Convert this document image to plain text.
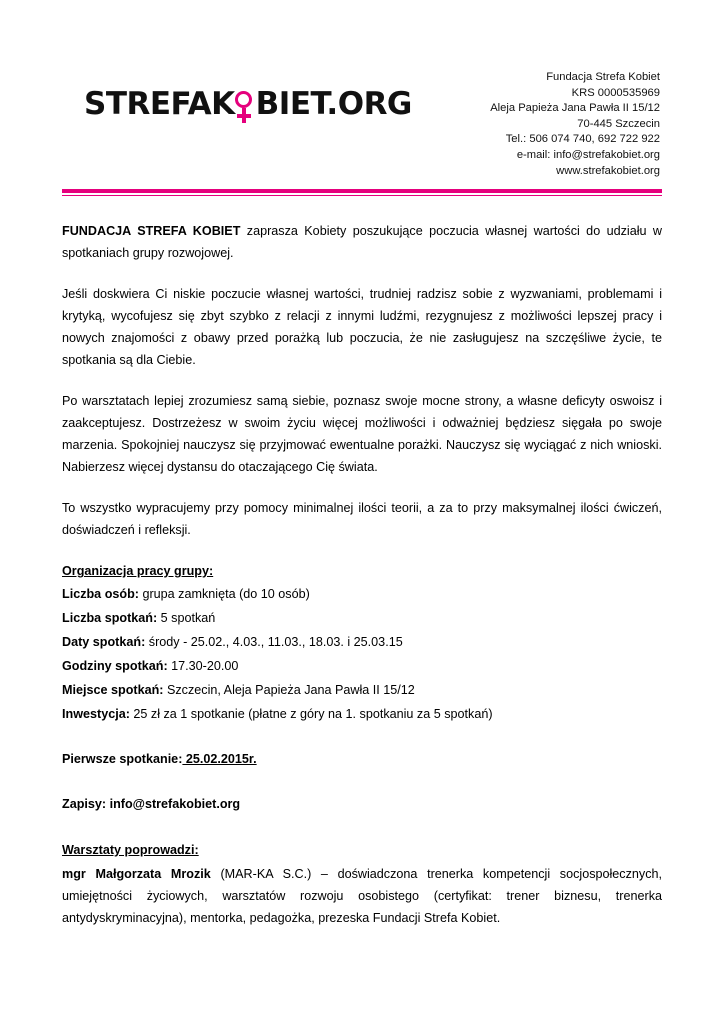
STREFAK BIET.ORG
Fundacja Strefa Kobiet
KRS 0000535969
Aleja Papieża Jana Pawła II 15/12
70-445 Szczecin
Tel.: 506 074 740, 692 722 922
e-mail: info@strefakobiet.org
www.strefakobiet.org

FUNDACJA STREFA KOBIET zaprasza Kobiety poszukujące poczucia własnej wartości do udziału w spotkaniach grupy rozwojowej.

Jeśli doskwiera Ci niskie poczucie własnej wartości, trudniej radzisz sobie z wyzwaniami, problemami i krytyką, wycofujesz się zbyt szybko z relacji z innymi ludźmi, rezygnujesz z możliwości lepszej pracy i nowych znajomości z obawy przed porażką lub poczucia, że nie zasługujesz na szczęśliwe życie, te spotkania są dla Ciebie.

Po warsztatach lepiej zrozumiesz samą siebie, poznasz swoje mocne strony, a własne deficyty oswoisz i zaakceptujesz. Dostrzeżesz w swoim życiu więcej możliwości i odważniej będziesz sięgała po swoje marzenia. Spokojniej nauczysz się przyjmować ewentualne porażki. Nauczysz się wyciągać z nich wnioski. Nabierzesz więcej dystansu do otaczającego Cię świata.

To wszystko wypracujemy przy pomocy minimalnej ilości teorii, a za to przy maksymalnej ilości ćwiczeń, doświadczeń i refleksji.

Organizacja pracy grupy:
Liczba osób: grupa zamknięta (do 10 osób)
Liczba spotkań: 5 spotkań
Daty spotkań: środy - 25.02., 4.03., 11.03., 18.03. i 25.03.15
Godziny spotkań: 17.30-20.00
Miejsce spotkań: Szczecin, Aleja Papieża Jana Pawła II 15/12
Inwestycja: 25 zł za 1 spotkanie (płatne z góry na 1. spotkaniu za 5 spotkań)
Pierwsze spotkanie: 25.02.2015r.
Zapisy: info@strefakobiet.org
Warsztaty poprowadzi:

mgr Małgorzata Mrozik (MAR-KA S.C.) – doświadczona trenerka kompetencji socjospołecznych, umiejętności życiowych, warsztatów rozwoju osobistego (certyfikat: trener biznesu, trenerka antydyskryminacyjna), mentorka, pedagożka, prezeska Fundacji Strefa Kobiet.
